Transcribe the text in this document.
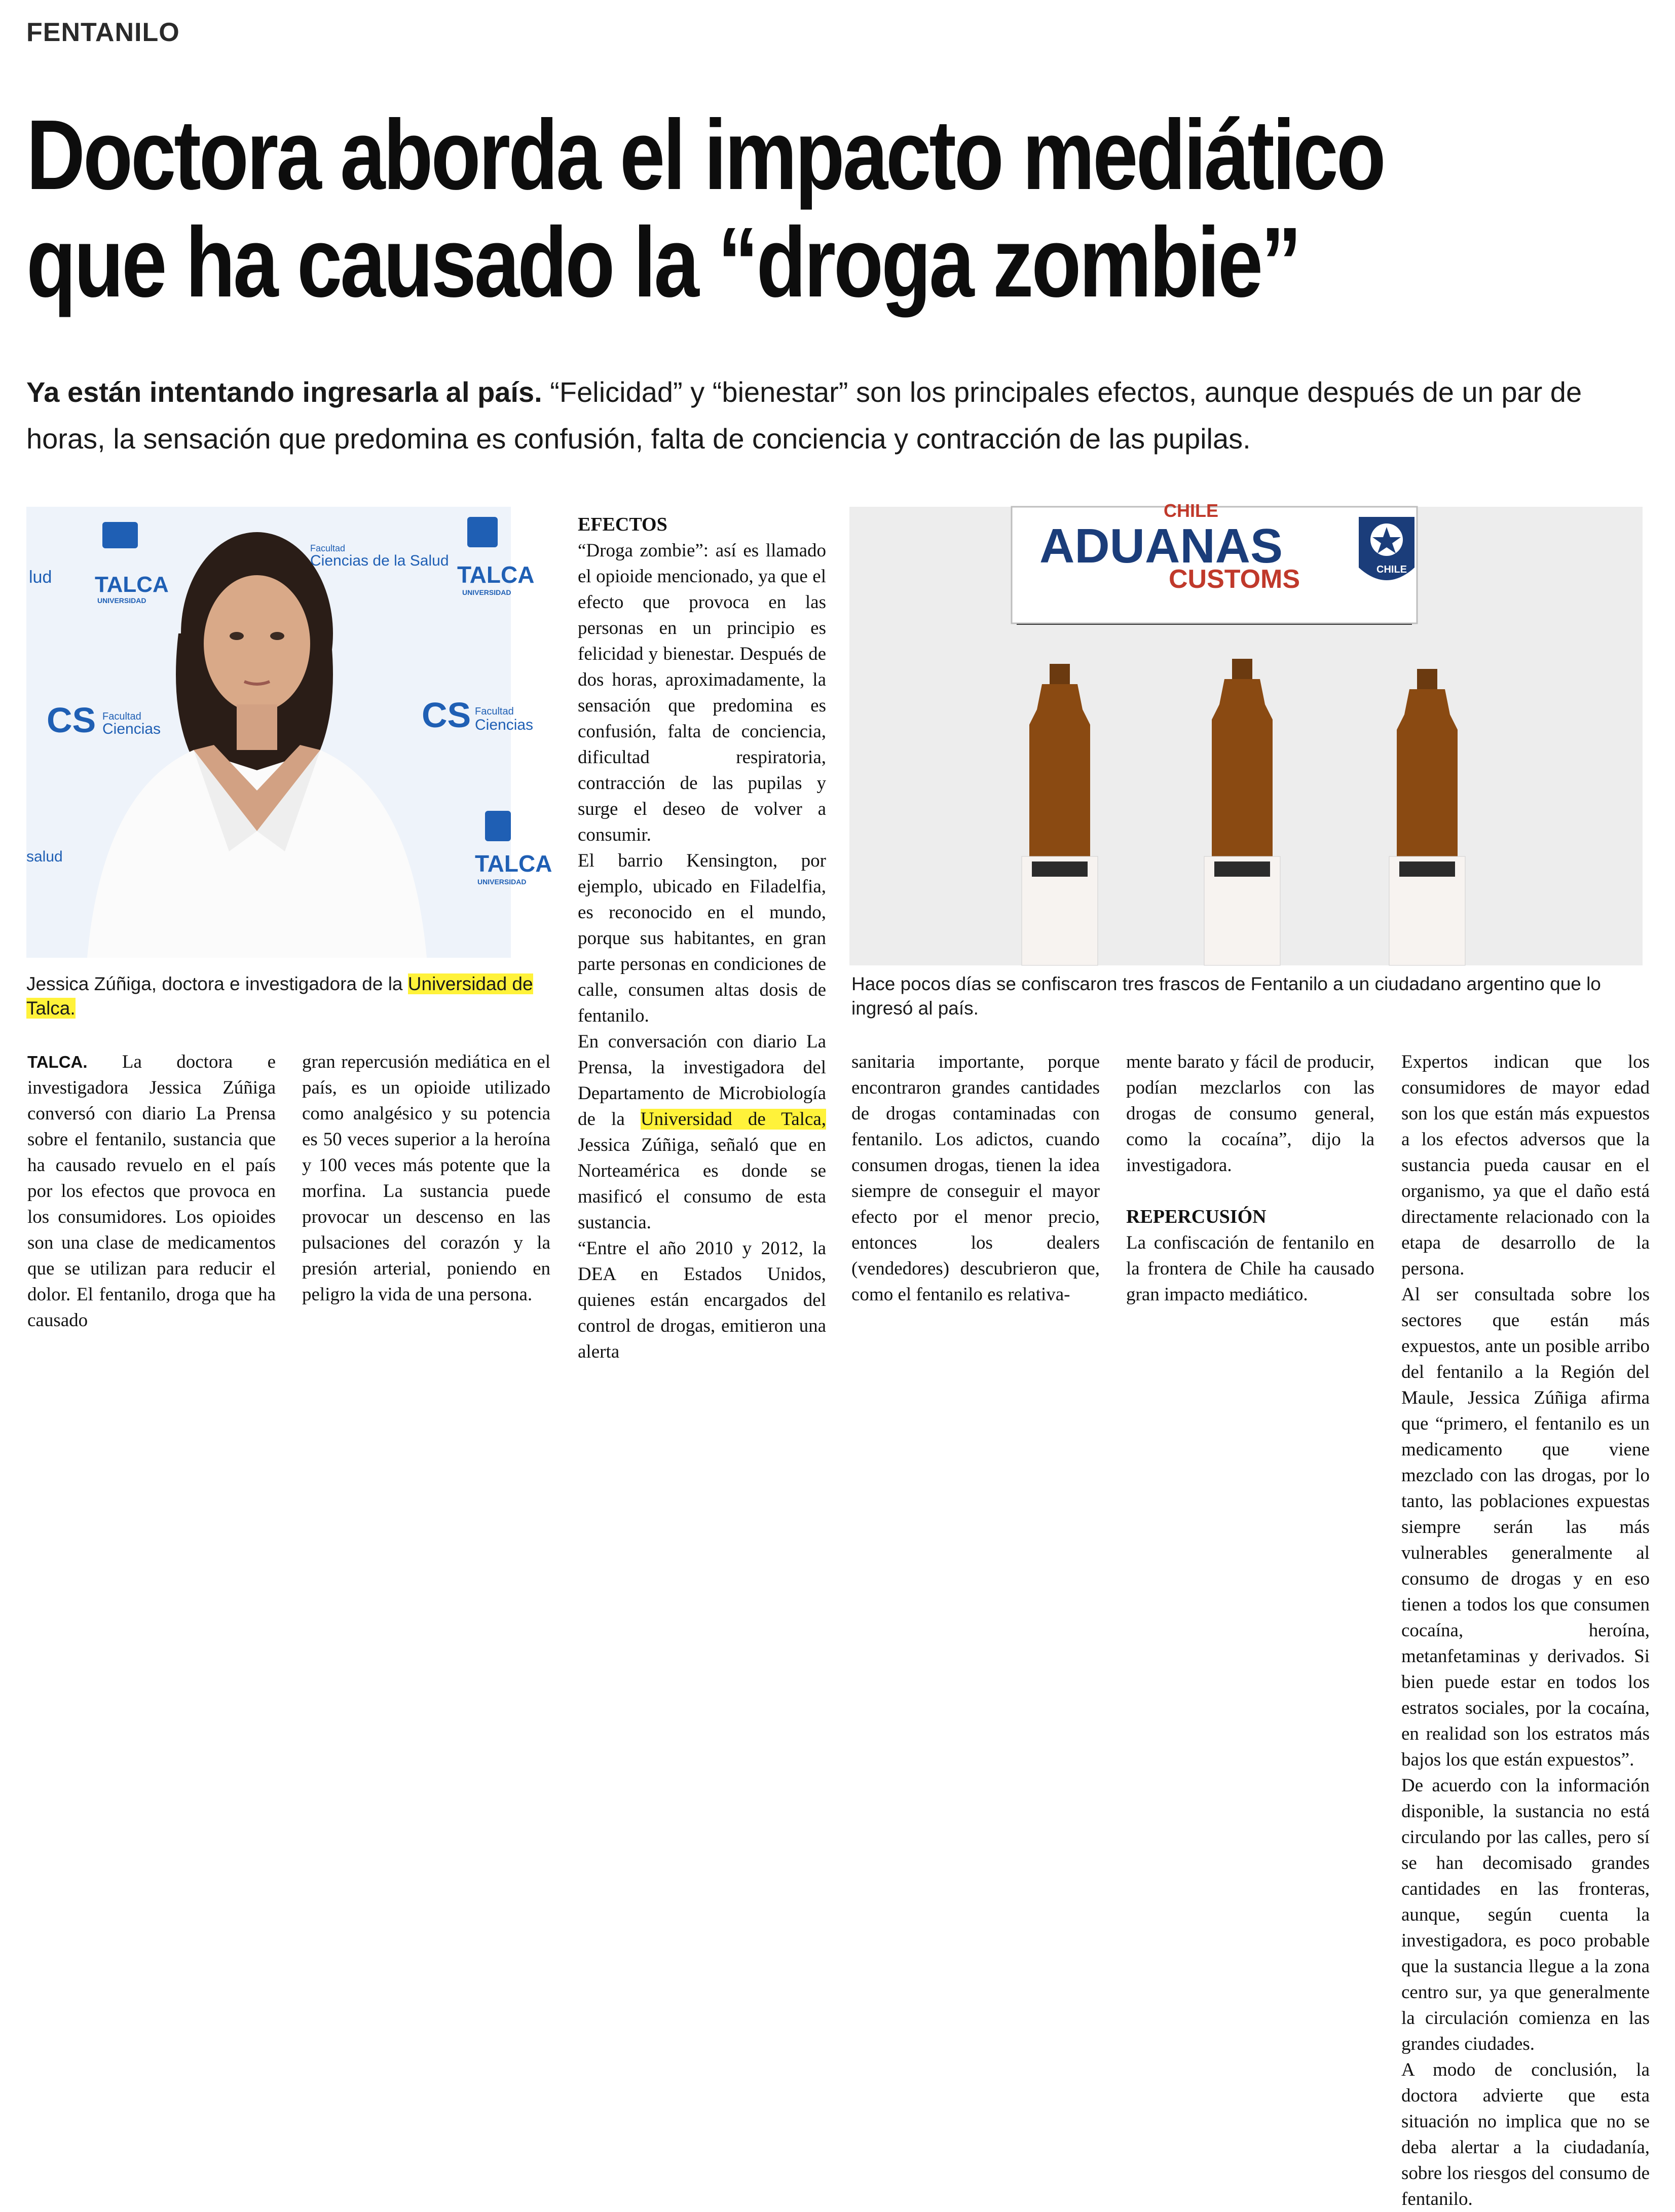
FENTANILO
Doctora aborda el impacto mediático
que ha causado la “droga zombie”
Ya están intentando ingresarla al país. “Felicidad” y “bienestar” son los principales efectos, aunque después de un par de horas, la sensación que predomina es confusión, falta de conciencia y contracción de las pupilas.
TALCA
UNIVERSIDAD
lud
Facultad
Ciencias de la Salud
TALCA
UNIVERSIDAD
CS Facultad
Ciencias	CS Facultad
Ciencias
TALCA
UNIVERSIDAD
salud
Jessica Zúñiga, doctora e investigadora de la Universidad de Talca.
CHILE
ADUANAS
CUSTOMS	CHILE
Hace pocos días se confiscaron tres frascos de Fentanilo a un ciudadano argentino que lo ingresó al país.

TALCA. La doctora e investigadora Jessica Zúñiga conversó con diario La Prensa sobre el fentanilo, sustancia que ha causado revuelo en el país por los efectos que provoca en los consumidores. Los opioides son una clase de medicamentos que se utilizan para reducir el dolor. El fentanilo, droga que ha causado

gran repercusión mediática en el país, es un opioide utilizado como analgésico y su potencia es 50 veces superior a la heroína y 100 veces más potente que la morfina. La sustancia puede provocar un descenso en las pulsaciones del corazón y la presión arterial, poniendo en peligro la vida de una persona.

EFECTOS

“Droga zombie”: así es llamado el opioide mencionado, ya que el efecto que provoca en las personas en un principio es felicidad y bienestar. Después de dos horas, aproximadamente, la sensación que predomina es confusión, falta de conciencia, dificultad respiratoria, contracción de las pupilas y surge el deseo de volver a consumir.

El barrio Kensington, por ejemplo, ubicado en Filadelfia, es reconocido en el mundo, porque sus habitantes, en gran parte personas en condiciones de calle, consumen altas dosis de fentanilo.

En conversación con diario La Prensa, la investigadora del Departamento de Microbiología de la Universidad de Talca, Jessica Zúñiga, señaló que en Norteamérica es donde se masificó el consumo de esta sustancia.

“Entre el año 2010 y 2012, la DEA en Estados Unidos, quienes están encargados del control de drogas, emitieron una alerta

sanitaria importante, porque encontraron grandes cantidades de drogas contaminadas con fentanilo. Los adictos, cuando consumen drogas, tienen la idea siempre de conseguir el mayor efecto por el menor precio, entonces los dealers (vendedores) descubrieron que, como el fentanilo es relativa-

mente barato y fácil de producir, podían mezclarlos con las drogas de consumo general, como la cocaína”, dijo la investigadora.

REPERCUSIÓN

La confiscación de fentanilo en la frontera de Chile ha causado gran impacto mediático.

Expertos indican que los consumidores de mayor edad son los que están más expuestos a los efectos adversos que la sustancia pueda causar en el organismo, ya que el daño está directamente relacionado con la etapa de desarrollo de la persona.

Al ser consultada sobre los sectores que están más expuestos, ante un posible arribo del fentanilo a la Región del Maule, Jessica Zúñiga afirma que “primero, el fentanilo es un medicamento que viene mezclado con las drogas, por lo tanto, las poblaciones expuestas siempre serán las más vulnerables generalmente al consumo de drogas y en eso tienen a todos los que consumen cocaína, heroína, metanfetaminas y derivados. Si bien puede estar en todos los estratos sociales, por la cocaína, en realidad son los estratos más bajos los que están expuestos”.

De acuerdo con la información disponible, la sustancia no está circulando por las calles, pero sí se han decomisado grandes cantidades en las fronteras, aunque, según cuenta la investigadora, es poco probable que la sustancia llegue a la zona centro sur, ya que generalmente la circulación comienza en las grandes ciudades.

A modo de conclusión, la doctora advierte que esta situación no implica que no se deba alertar a la ciudadanía, sobre los riesgos del consumo de fentanilo.
